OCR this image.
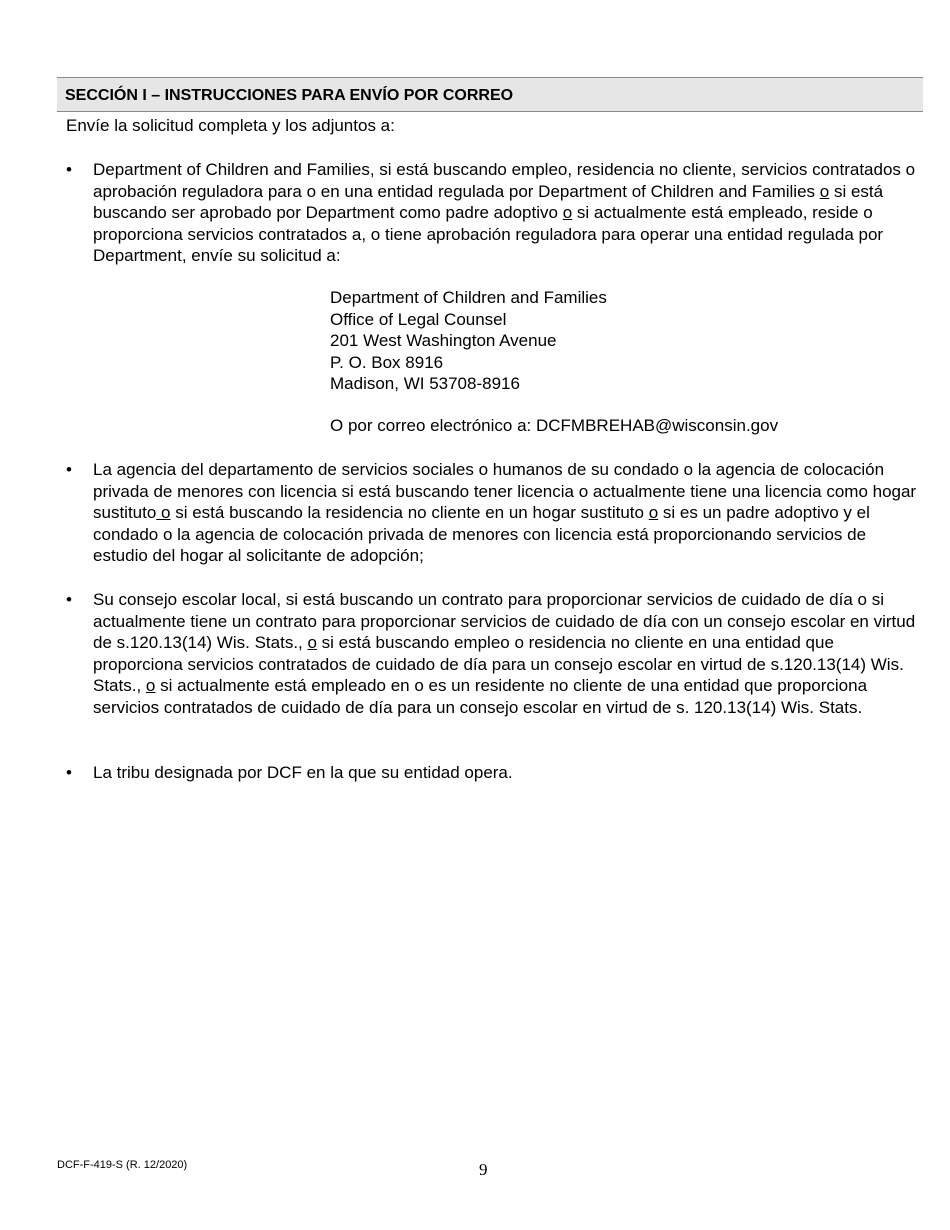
SECCIÓN I – INSTRUCCIONES PARA ENVÍO POR CORREO
Envíe la solicitud completa y los adjuntos a:
•	Department of Children and Families, si está buscando empleo, residencia no cliente, servicios contratados o aprobación reguladora para o en una entidad regulada por Department of Children and Families o si está buscando ser aprobado por Department como padre adoptivo o si actualmente está empleado, reside o proporciona servicios contratados a, o tiene aprobación reguladora para operar una entidad regulada por Department, envíe su solicitud a:
Department of Children and Families
Office of Legal Counsel
201 West Washington Avenue
P. O. Box 8916
Madison, WI 53708-8916
O por correo electrónico a: DCFMBREHAB@wisconsin.gov
•	La agencia del departamento de servicios sociales o humanos de su condado o la agencia de colocación privada de menores con licencia si está buscando tener licencia o actualmente tiene una licencia como hogar sustituto o si está buscando la residencia no cliente en un hogar sustituto o si es un padre adoptivo y el condado o la agencia de colocación privada de menores con licencia está proporcionando servicios de estudio del hogar al solicitante de adopción;
•	Su consejo escolar local, si está buscando un contrato para proporcionar servicios de cuidado de día o si actualmente tiene un contrato para proporcionar servicios de cuidado de día con un consejo escolar en virtud de s.120.13(14) Wis. Stats., o si está buscando empleo o residencia no cliente en una entidad que proporciona servicios contratados de cuidado de día para un consejo escolar en virtud de s.120.13(14) Wis. Stats., o si actualmente está empleado en o es un residente no cliente de una entidad que proporciona servicios contratados de cuidado de día para un consejo escolar en virtud de s. 120.13(14) Wis. Stats.
•	La tribu designada por DCF en la que su entidad opera.
DCF-F-419-S (R. 12/2020)	9
